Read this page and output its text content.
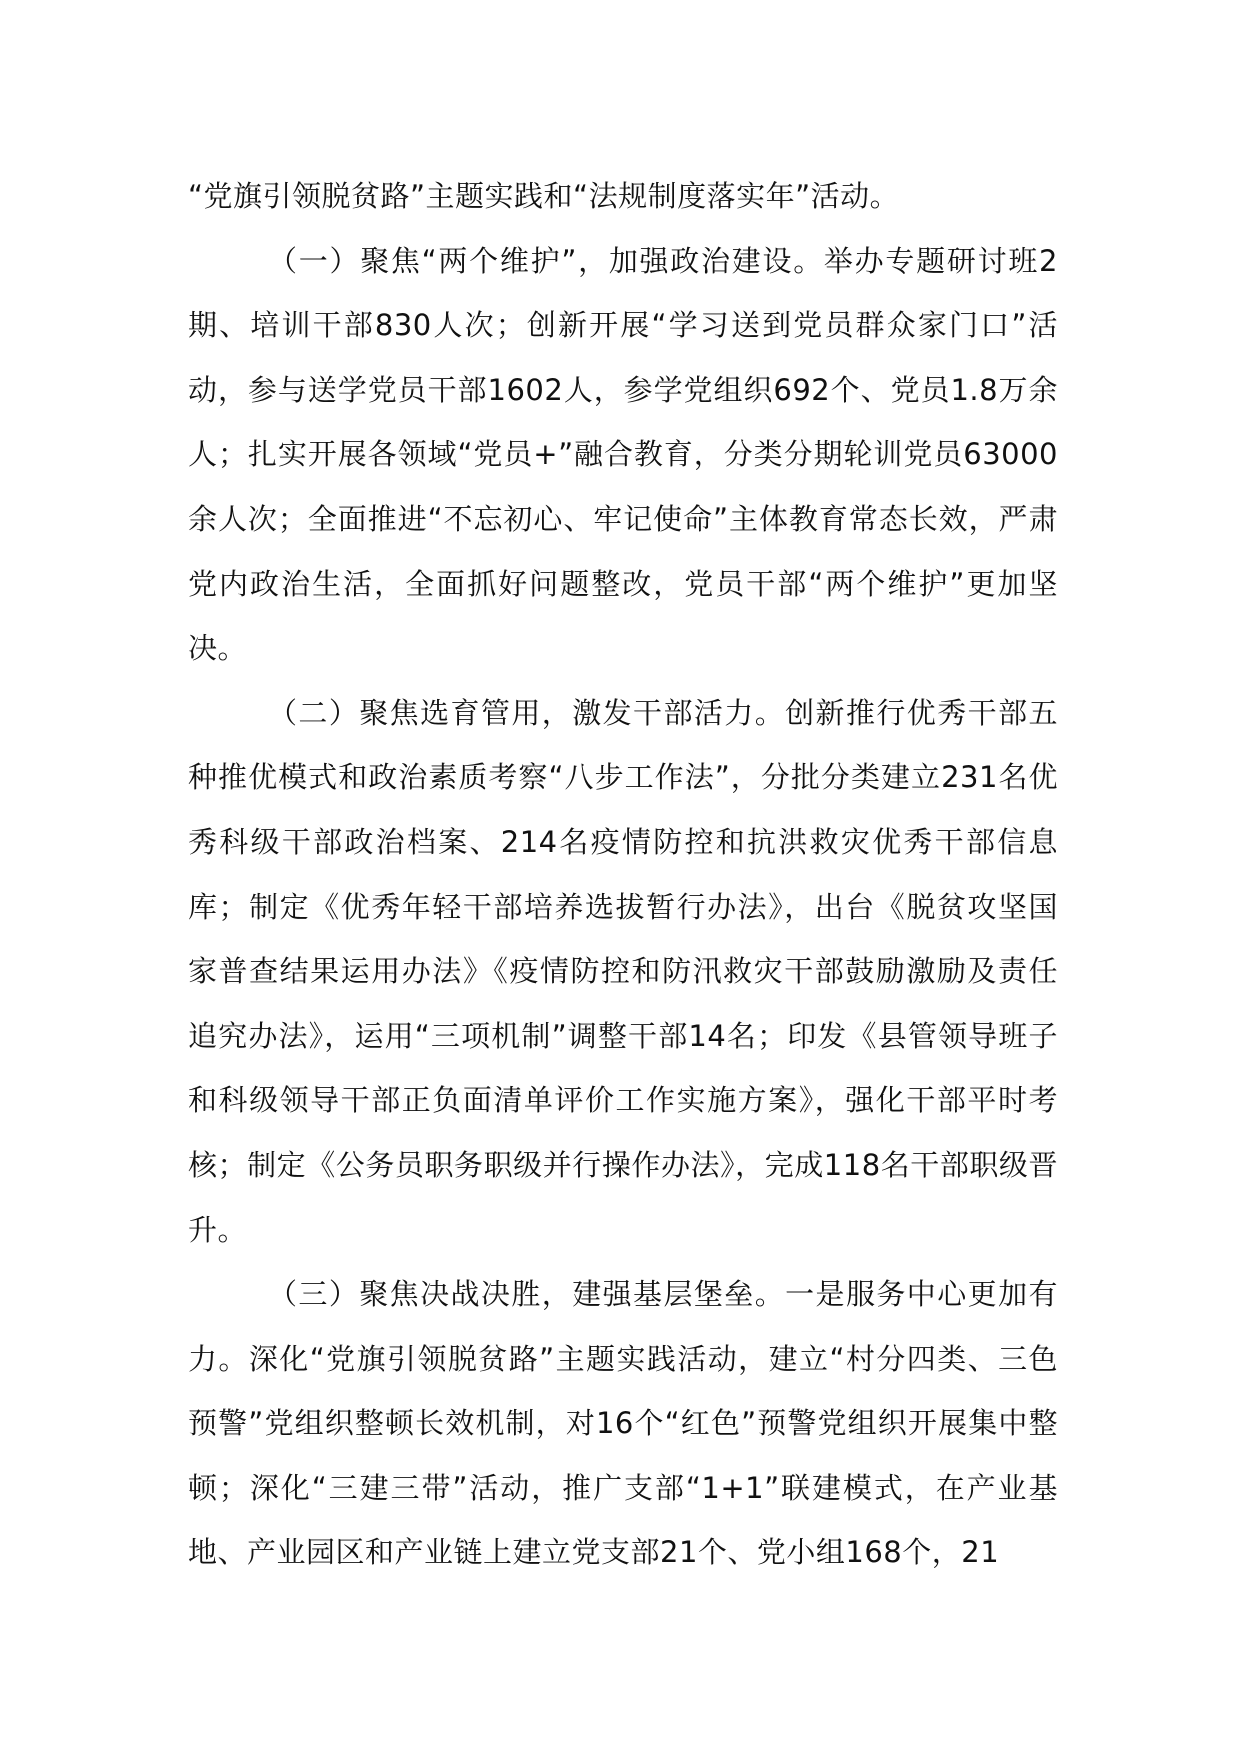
“党旗引领脱贫路”主题实践和“法规制度落实年”活动。

（一）聚焦“两个维护”，加强政治建设。举办专题研讨班2期、培训干部830人次；创新开展“学习送到党员群众家门口”活动，参与送学党员干部1602人，参学党组织692个、党员1.8万余人；扎实开展各领域“党员+”融合教育，分类分期轮训党员63000余人次；全面推进“不忘初心、牢记使命”主体教育常态长效，严肃党内政治生活，全面抓好问题整改，党员干部“两个维护”更加坚决。

（二）聚焦选育管用，激发干部活力。创新推行优秀干部五种推优模式和政治素质考察“八步工作法”，分批分类建立231名优秀科级干部政治档案、214名疫情防控和抗洪救灾优秀干部信息库；制定《优秀年轻干部培养选拔暂行办法》，出台《脱贫攻坚国家普查结果运用办法》《疫情防控和防汛救灾干部鼓励激励及责任追究办法》，运用“三项机制”调整干部14名；印发《县管领导班子和科级领导干部正负面清单评价工作实施方案》，强化干部平时考核；制定《公务员职务职级并行操作办法》，完成118名干部职级晋升。

（三）聚焦决战决胜，建强基层堡垒。一是服务中心更加有力。深化“党旗引领脱贫路”主题实践活动，建立“村分四类、三色预警”党组织整顿长效机制，对16个“红色”预警党组织开展集中整顿；深化“三建三带”活动，推广支部“1+1”联建模式，在产业基地、产业园区和产业链上建立党支部21个、党小组168个，21
